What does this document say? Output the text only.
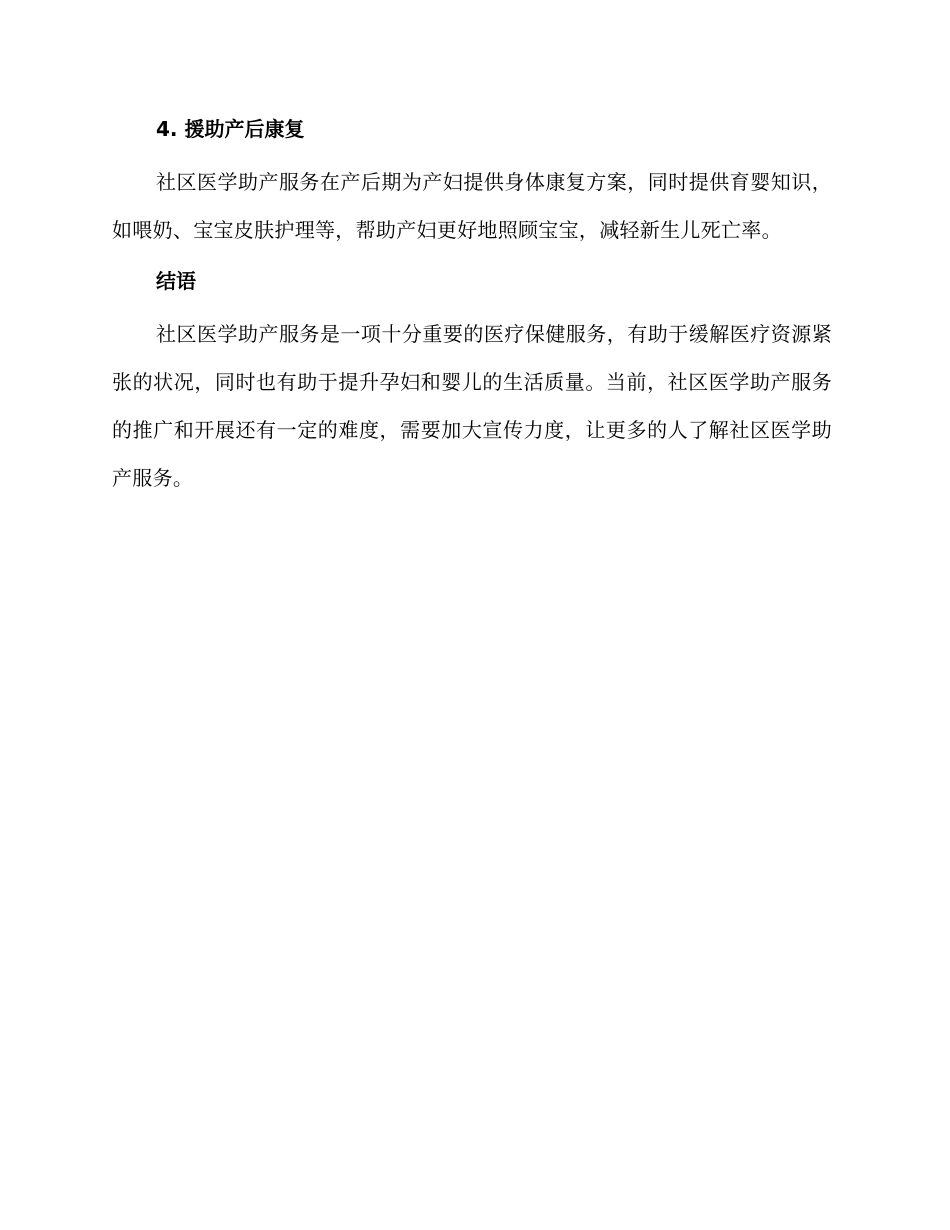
4. 援助产后康复

社区医学助产服务在产后期为产妇提供身体康复方案，同时提供育婴知识，如喂奶、宝宝皮肤护理等，帮助产妇更好地照顾宝宝，减轻新生儿死亡率。

结语

社区医学助产服务是一项十分重要的医疗保健服务，有助于缓解医疗资源紧张的状况，同时也有助于提升孕妇和婴儿的生活质量。当前，社区医学助产服务的推广和开展还有一定的难度，需要加大宣传力度，让更多的人了解社区医学助产服务。
